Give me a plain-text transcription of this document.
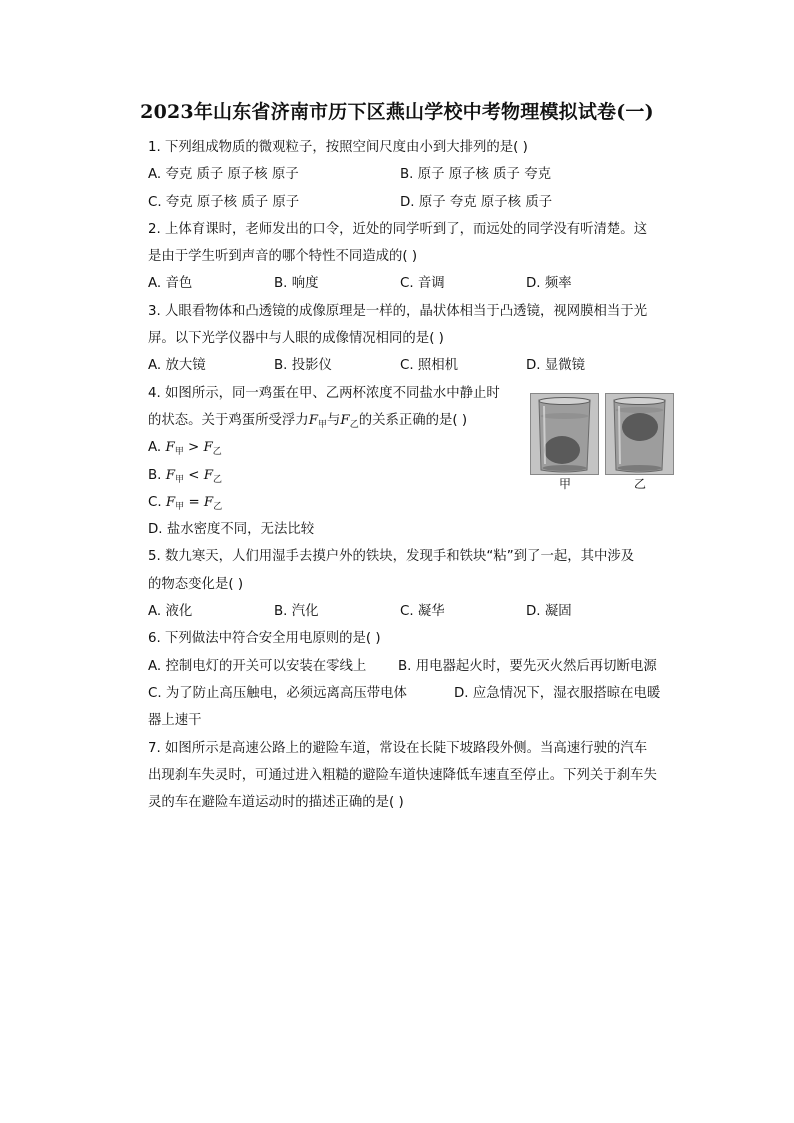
2023年山东省济南市历下区燕山学校中考物理模拟试卷(一)
1. 下列组成物质的微观粒子，按照空间尺度由小到大排列的是( )
A. 夸克 质子 原子核 原子	B. 原子 原子核 质子 夸克
C. 夸克 原子核 质子 原子	D. 原子 夸克 原子核 质子
2. 上体育课时，老师发出的口令，近处的同学听到了，而远处的同学没有听清楚。这
是由于学生听到声音的哪个特性不同造成的( )
A. 音色	B. 响度	C. 音调	D. 频率
3. 人眼看物体和凸透镜的成像原理是一样的，晶状体相当于凸透镜，视网膜相当于光
屏。以下光学仪器中与人眼的成像情况相同的是( )
A. 放大镜	B. 投影仪	C. 照相机	D. 显微镜
4. 如图所示，同一鸡蛋在甲、乙两杯浓度不同盐水中静止时
的状态。关于鸡蛋所受浮力$F_甲$与$F_乙$的关系正确的是( )
A. $F_甲 > F_乙$
B. $F_甲 < F_乙$
C. $F_甲 = F_乙$
D. 盐水密度不同，无法比较
5. 数九寒天，人们用湿手去摸户外的铁块，发现手和铁块“粘”到了一起，其中涉及
的物态变化是( )
A. 液化	B. 汽化	C. 凝华	D. 凝固
6. 下列做法中符合安全用电原则的是( )
A. 控制电灯的开关可以安装在零线上 B. 用电器起火时，要先灭火然后再切断电源
C. 为了防止高压触电，必须远离高压带电体	D. 应急情况下，湿衣服搭晾在电暖
器上速干
7. 如图所示是高速公路上的避险车道，常设在长陡下坡路段外侧。当高速行驶的汽车
出现刹车失灵时，可通过进入粗糙的避险车道快速降低车速直至停止。下列关于刹车失
灵的车在避险车道运动时的描述正确的是( )
甲	乙
